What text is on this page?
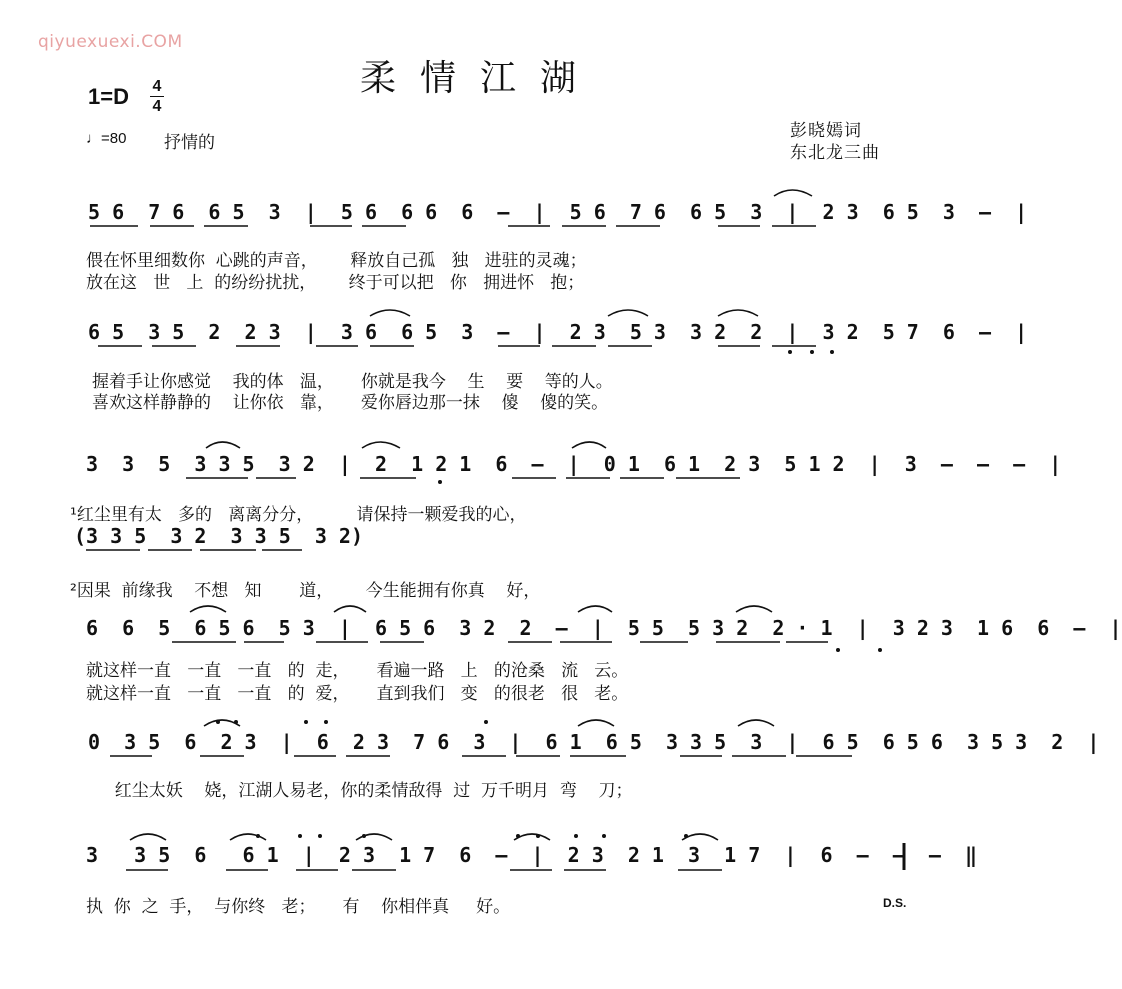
qiyuexuexi.COM
柔情江湖
1=D 4
4
♩=80 抒情的
彭晓嫣词
东北龙三曲
5 6  7 6  6 5  3  |  5 6  6 6  6  –  |  5 6  7 6  6 5  3  |  2 3  6 5  3  –  |
偎在怀里细数你  心跳的声音，      释放自己孤   独   进驻的灵魂；
放在这   世   上  的纷纷扰扰，      终于可以把   你   拥进怀   抱；
6 5  3 5  2  2 3  |  3 6  6 5  3  –  |  2 3  5 3  3 2  2  |  3 2  5 7  6  –  |
握着手让你感觉    我的体   温，     你就是我今    生    要    等的人。
喜欢这样静静的    让你依   靠，     爱你唇边那一抹    傻    傻的笑。
3  3  5  3 3 5  3 2  |  2  1 2 1  6  –  |  0 1  6 1  2 3  5 1 2  |  3  –  –  –  |
¹红尘里有太   多的   离离分分，        请保持一颗爱我的心，
(3 3 5  3 2  3 3 5  3 2)
²因果  前缘我    不想   知       道，      今生能拥有你真    好，
6  6  5  6 5 6  5 3  |  6 5 6  3 2  2  –  |  5 5  5 3 2  2 · 1  |  3 2 3  1 6  6  –  |
就这样一直   一直   一直   的  走，     看遍一路   上   的沧桑   流   云。
就这样一直   一直   一直   的  爱，     直到我们   变   的很老   很   老。
0  3 5  6  2 3  |  6  2 3  7 6  3  |  6 1  6 5  3 3 5  3  |  6 5  6 5 6  3 5 3  2  |
红尘太妖    娆，江湖人易老，你的柔情敌得  过  万千明月  弯    刀；
3   3 5  6   6 1  |  2 3  1 7  6  –  |  2 3  2 1  3  1 7  |  6  –  –  –  ‖
执  你  之  手，  与你终   老；     有    你相伴真     好。	D.S.
